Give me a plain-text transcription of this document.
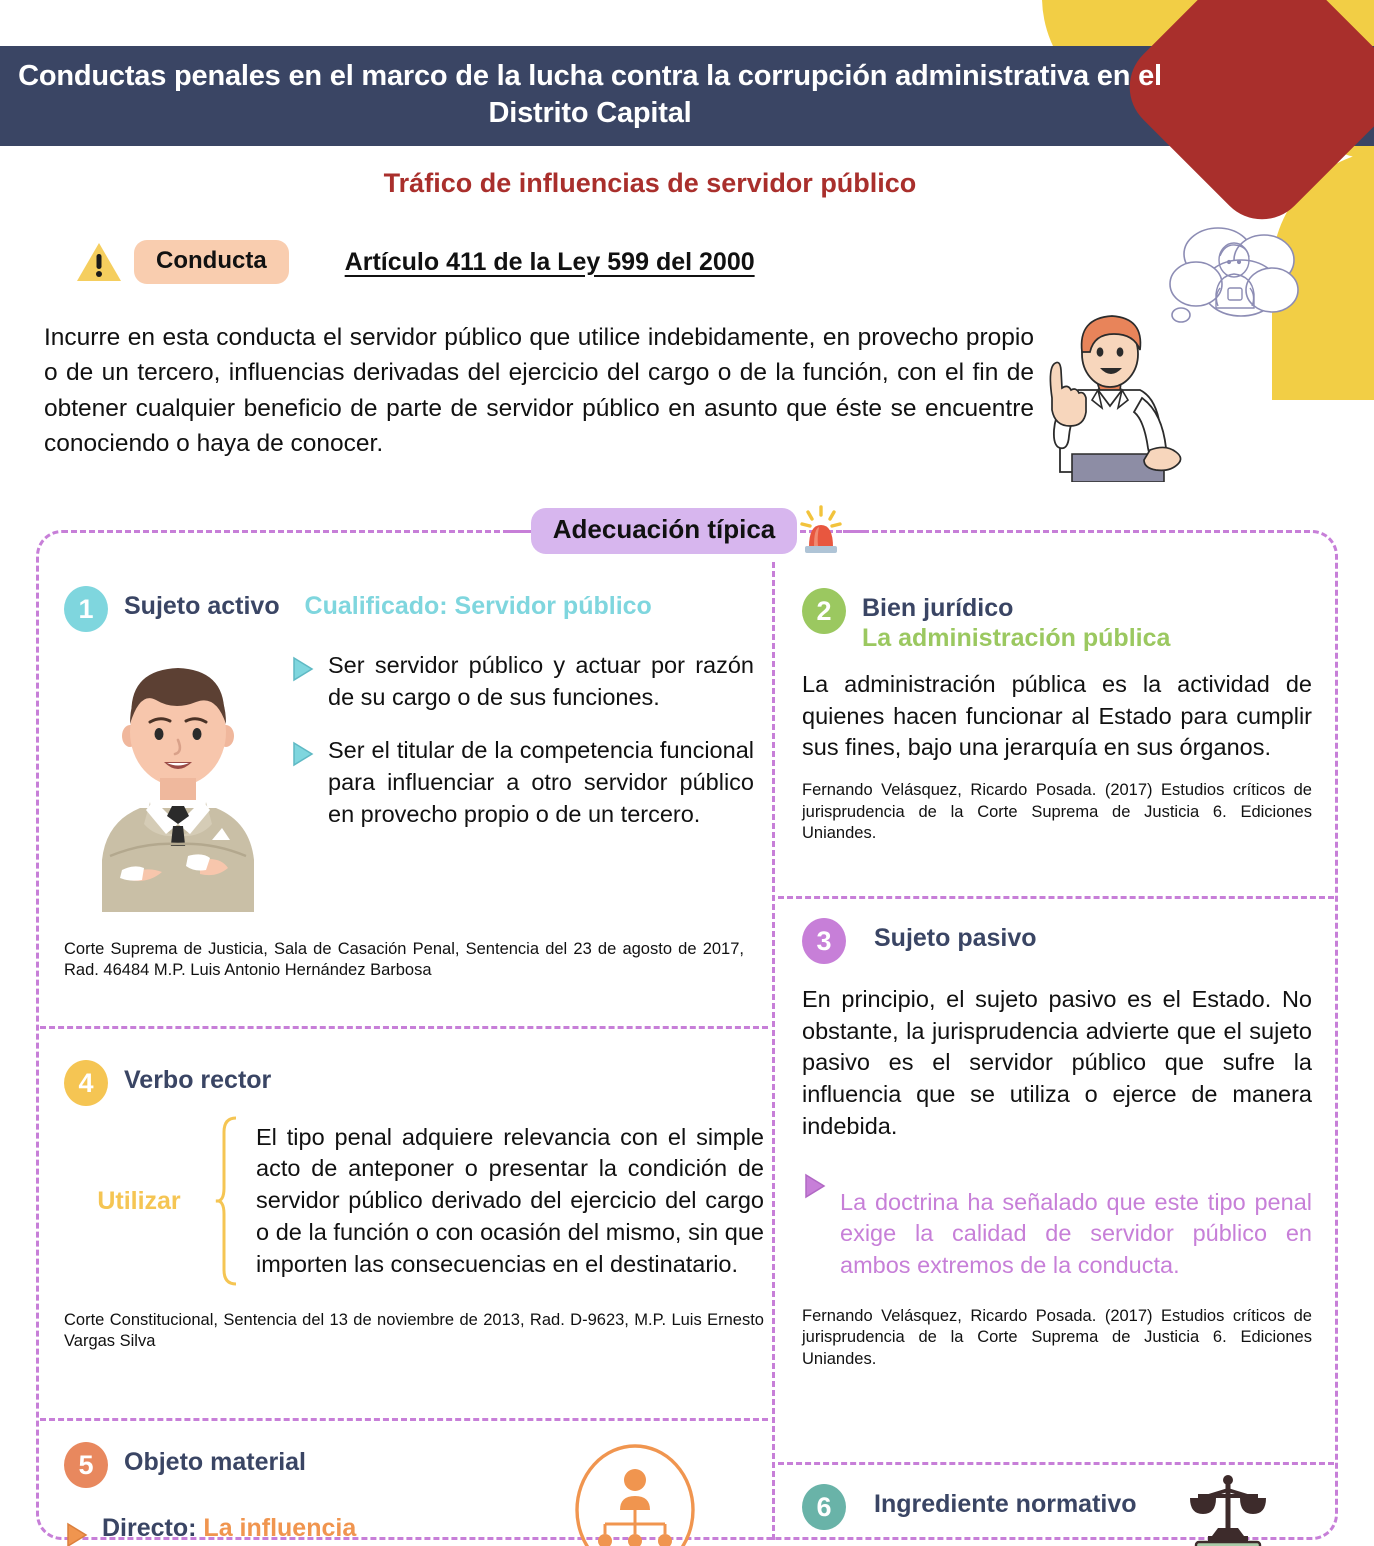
Conductas penales en el marco de la lucha contra la corrupción administrativa en el Distrito Capital
Tráfico de influencias de servidor público
Conducta	Artículo 411 de la Ley 599 del 2000
Incurre en esta conducta el servidor público que utilice indebidamente, en provecho propio o de un tercero, influencias derivadas del ejercicio del cargo o de la función, con el fin de obtener cualquier beneficio de parte de servidor público en asunto que éste se encuentre conociendo o haya de conocer.
Adecuación típica
1	Sujeto activo Cualificado: Servidor público
Ser servidor público y actuar por razón de su cargo o de sus funciones.
Ser el titular de la competencia funcional para influenciar a otro servidor público en provecho propio o de un tercero.
Corte Suprema de Justicia, Sala de Casación Penal, Sentencia del 23 de agosto de 2017, Rad. 46484 M.P. Luis Antonio Hernández Barbosa
2	Bien jurídico
La administración pública
La administración pública es la actividad de quienes hacen funcionar al Estado para cumplir sus fines, bajo una jerarquía en sus órganos.
Fernando Velásquez, Ricardo Posada. (2017) Estudios críticos de jurisprudencia de la Corte Suprema de Justicia 6. Ediciones Uniandes.
3	Sujeto pasivo
En principio, el sujeto pasivo es el Estado. No obstante, la jurisprudencia advierte que el sujeto pasivo es el servidor público que sufre la influencia que se utiliza o ejerce de manera indebida.
La doctrina ha señalado que este tipo penal exige la calidad de servidor público en ambos extremos de la conducta.
Fernando Velásquez, Ricardo Posada. (2017) Estudios críticos de jurisprudencia de la Corte Suprema de Justicia 6. Ediciones Uniandes.
4	Verbo rector
Utilizar
El tipo penal adquiere relevancia con el simple acto de anteponer o presentar la condición de servidor público derivado del ejercicio del cargo o de la función o con ocasión del mismo, sin que importen las consecuencias en el destinatario.
Corte Constitucional, Sentencia del 13 de noviembre de 2013, Rad. D-9623, M.P. Luis Ernesto Vargas Silva
5	Objeto material
Directo: La influencia
6	Ingrediente normativo
